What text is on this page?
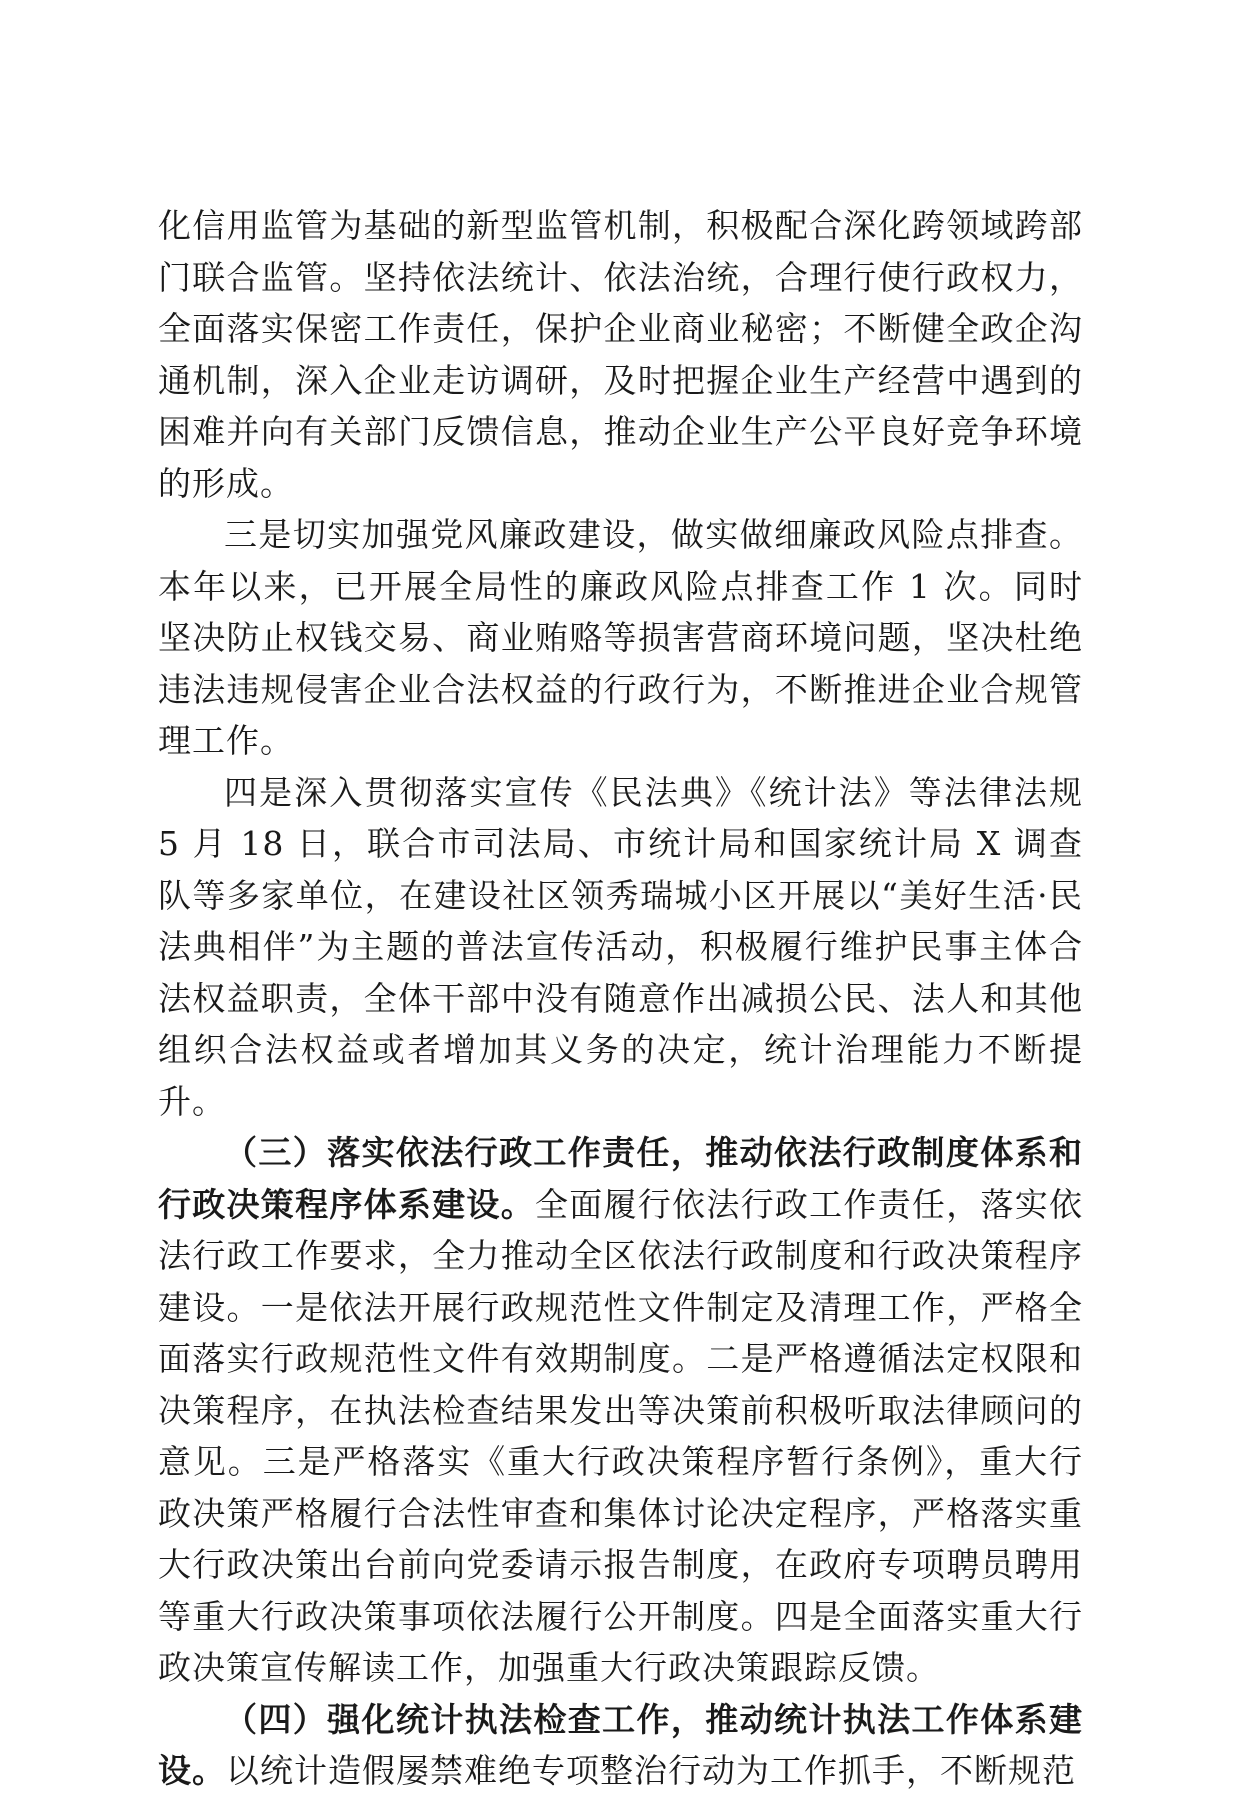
化信用监管为基础的新型监管机制，积极配合深化跨领域跨部门联合监管。坚持依法统计、依法治统，合理行使行政权力，全面落实保密工作责任，保护企业商业秘密；不断健全政企沟通机制，深入企业走访调研，及时把握企业生产经营中遇到的困难并向有关部门反馈信息，推动企业生产公平良好竞争环境的形成。

三是切实加强党风廉政建设，做实做细廉政风险点排查。本年以来，已开展全局性的廉政风险点排查工作 1 次。同时坚决防止权钱交易、商业贿赂等损害营商环境问题，坚决杜绝违法违规侵害企业合法权益的行政行为，不断推进企业合规管理工作。

四是深入贯彻落实宣传《民法典》《统计法》等法律法规 5 月 18 日，联合市司法局、市统计局和国家统计局 X 调查队等多家单位，在建设社区领秀瑞城小区开展以“美好生活·民法典相伴”为主题的普法宣传活动，积极履行维护民事主体合法权益职责，全体干部中没有随意作出减损公民、法人和其他组织合法权益或者增加其义务的决定，统计治理能力不断提升。

（三）落实依法行政工作责任，推动依法行政制度体系和行政决策程序体系建设。全面履行依法行政工作责任，落实依法行政工作要求，全力推动全区依法行政制度和行政决策程序建设。一是依法开展行政规范性文件制定及清理工作，严格全面落实行政规范性文件有效期制度。二是严格遵循法定权限和决策程序，在执法检查结果发出等决策前积极听取法律顾问的意见。三是严格落实《重大行政决策程序暂行条例》，重大行政决策严格履行合法性审查和集体讨论决定程序，严格落实重大行政决策出台前向党委请示报告制度，在政府专项聘员聘用等重大行政决策事项依法履行公开制度。四是全面落实重大行政决策宣传解读工作，加强重大行政决策跟踪反馈。

（四）强化统计执法检查工作，推动统计执法工作体系建设。以统计造假屡禁难绝专项整治行动为工作抓手，不断规范
